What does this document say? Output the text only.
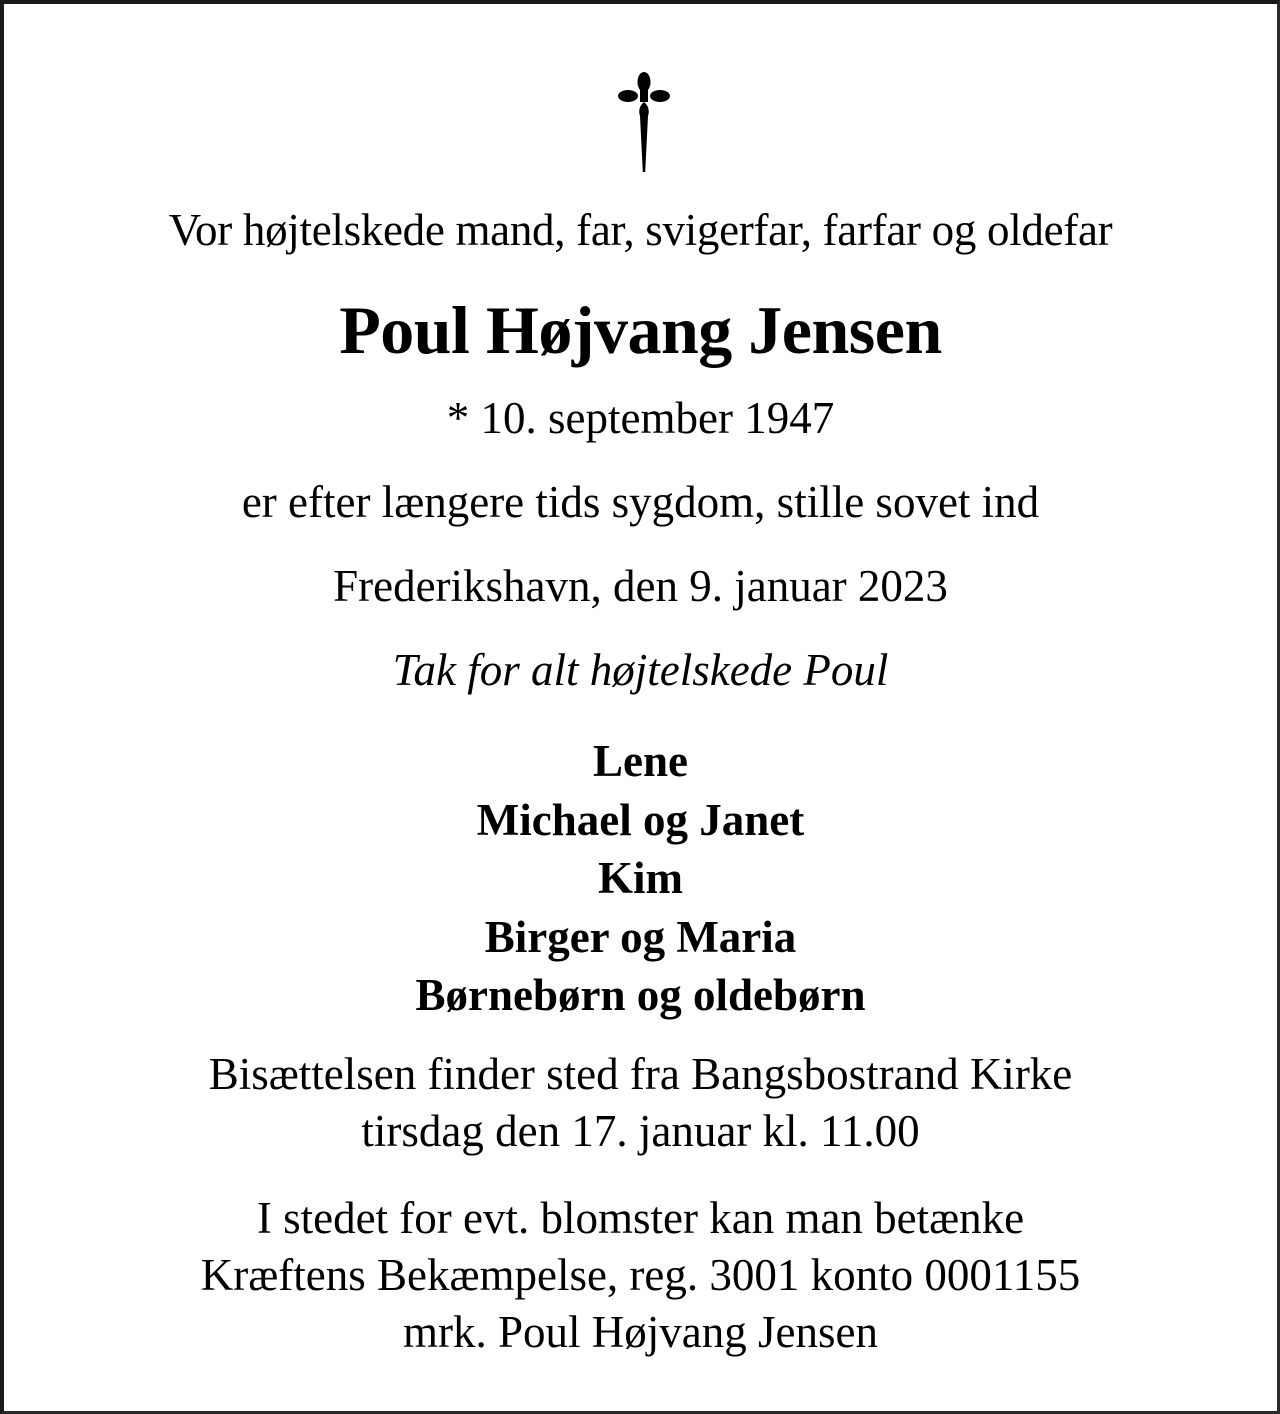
Vor højtelskede mand, far, svigerfar, farfar og oldefar
Poul Højvang Jensen
* 10. september 1947
er efter længere tids sygdom, stille sovet ind
Frederikshavn, den 9. januar 2023
Tak for alt højtelskede Poul
Lene
Michael og Janet
Kim
Birger og Maria
Børnebørn og oldebørn
Bisættelsen finder sted fra Bangsbostrand Kirke
tirsdag den 17. januar kl. 11.00
I stedet for evt. blomster kan man betænke
Kræftens Bekæmpelse, reg. 3001 konto 0001155
mrk. Poul Højvang Jensen
